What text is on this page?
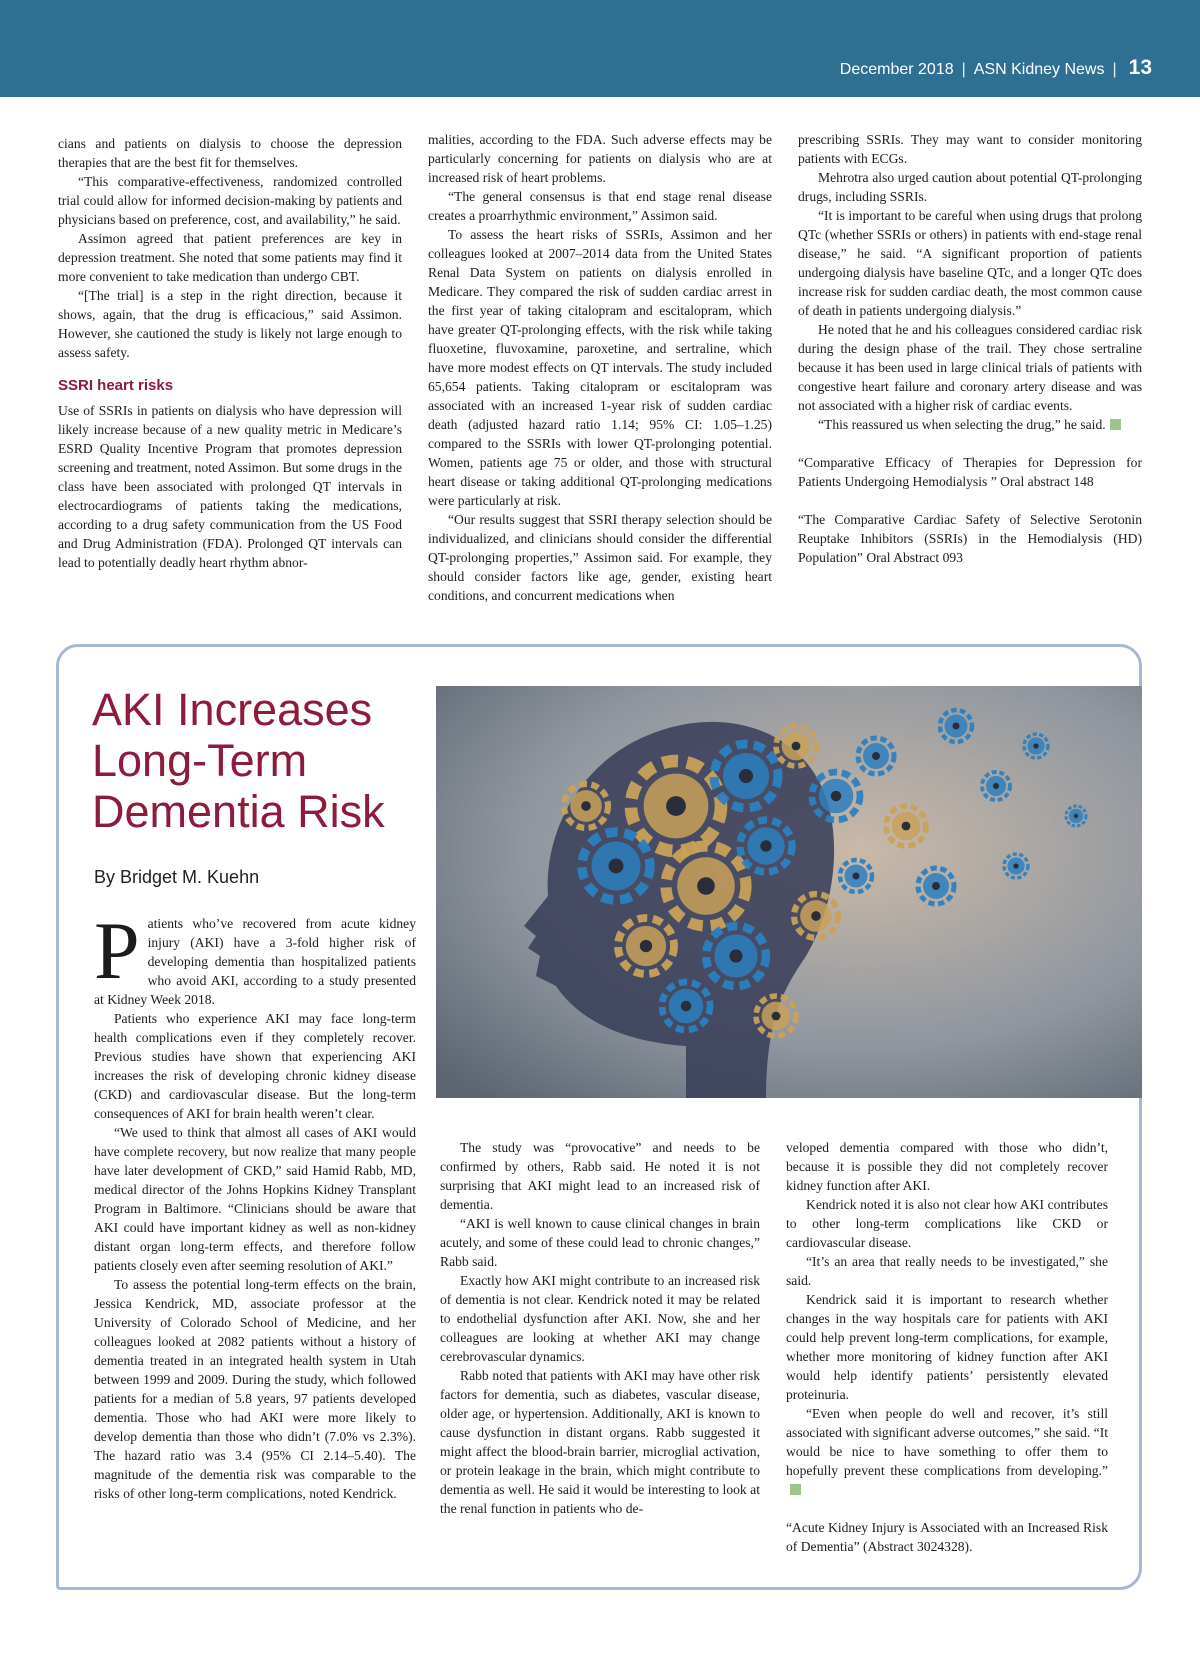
December 2018 | ASN Kidney News | 13

cians and patients on dialysis to choose the depression therapies that are the best fit for themselves.

“This comparative-effectiveness, randomized controlled trial could allow for informed decision-making by patients and physicians based on preference, cost, and availability,” he said.

Assimon agreed that patient preferences are key in depression treatment. She noted that some patients may find it more convenient to take medication than undergo CBT.

“[The trial] is a step in the right direction, because it shows, again, that the drug is efficacious,” said Assimon. However, she cautioned the study is likely not large enough to assess safety.

SSRI heart risks

Use of SSRIs in patients on dialysis who have depression will likely increase because of a new quality metric in Medicare’s ESRD Quality Incentive Program that promotes depression screening and treatment, noted Assimon. But some drugs in the class have been associated with prolonged QT intervals in electrocardiograms of patients taking the medications, according to a drug safety communication from the US Food and Drug Administration (FDA). Prolonged QT intervals can lead to potentially deadly heart rhythm abnor-

malities, according to the FDA. Such adverse effects may be particularly concerning for patients on dialysis who are at increased risk of heart problems.

“The general consensus is that end stage renal disease creates a proarrhythmic environment,” Assimon said.

To assess the heart risks of SSRIs, Assimon and her colleagues looked at 2007–2014 data from the United States Renal Data System on patients on dialysis enrolled in Medicare. They compared the risk of sudden cardiac arrest in the first year of taking citalopram and escitalopram, which have greater QT-prolonging effects, with the risk while taking fluoxetine, fluvoxamine, paroxetine, and sertraline, which have more modest effects on QT intervals. The study included 65,654 patients. Taking citalopram or escitalopram was associated with an increased 1-year risk of sudden cardiac death (adjusted hazard ratio 1.14; 95% CI: 1.05–1.25) compared to the SSRIs with lower QT-prolonging potential. Women, patients age 75 or older, and those with structural heart disease or taking additional QT-prolonging medications were particularly at risk.

“Our results suggest that SSRI therapy selection should be individualized, and clinicians should consider the differential QT-prolonging properties,” Assimon said. For example, they should consider factors like age, gender, existing heart conditions, and concurrent medications when

prescribing SSRIs. They may want to consider monitoring patients with ECGs.

Mehrotra also urged caution about potential QT-prolonging drugs, including SSRIs.

“It is important to be careful when using drugs that prolong QTc (whether SSRIs or others) in patients with end-stage renal disease,” he said. “A significant proportion of patients undergoing dialysis have baseline QTc, and a longer QTc does increase risk for sudden cardiac death, the most common cause of death in patients undergoing dialysis.”

He noted that he and his colleagues considered cardiac risk during the design phase of the trail. They chose sertraline because it has been used in large clinical trials of patients with congestive heart failure and coronary artery disease and was not associated with a higher risk of cardiac events.

“This reassured us when selecting the drug,” he said.

“Comparative Efficacy of Therapies for Depression for Patients Undergoing Hemodialysis ” Oral abstract 148

“The Comparative Cardiac Safety of Selective Serotonin Reuptake Inhibitors (SSRIs) in the Hemodialysis (HD) Population” Oral Abstract 093

AKI Increases Long-Term Dementia Risk
By Bridget M. Kuehn
P atients who’ve recovered from acute kidney injury (AKI) have a 3-fold higher risk of developing dementia than hospitalized patients who avoid AKI, according to a study presented at Kidney Week 2018.

Patients who experience AKI may face long-term health complications even if they completely recover. Previous studies have shown that experiencing AKI increases the risk of developing chronic kidney disease (CKD) and cardiovascular disease. But the long-term consequences of AKI for brain health weren’t clear.

“We used to think that almost all cases of AKI would have complete recovery, but now realize that many people have later development of CKD,” said Hamid Rabb, MD, medical director of the Johns Hopkins Kidney Transplant Program in Baltimore. “Clinicians should be aware that AKI could have important kidney as well as non-kidney distant organ long-term effects, and therefore follow patients closely even after seeming resolution of AKI.”

To assess the potential long-term effects on the brain, Jessica Kendrick, MD, associate professor at the University of Colorado School of Medicine, and her colleagues looked at 2082 patients without a history of dementia treated in an integrated health system in Utah between 1999 and 2009. During the study, which followed patients for a median of 5.8 years, 97 patients developed dementia. Those who had AKI were more likely to develop dementia than those who didn’t (7.0% vs 2.3%). The hazard ratio was 3.4 (95% CI 2.14–5.40). The magnitude of the dementia risk was comparable to the risks of other long-term complications, noted Kendrick.

The study was “provocative” and needs to be confirmed by others, Rabb said. He noted it is not surprising that AKI might lead to an increased risk of dementia.

“AKI is well known to cause clinical changes in brain acutely, and some of these could lead to chronic changes,” Rabb said.

Exactly how AKI might contribute to an increased risk of dementia is not clear. Kendrick noted it may be related to endothelial dysfunction after AKI. Now, she and her colleagues are looking at whether AKI may change cerebrovascular dynamics.

Rabb noted that patients with AKI may have other risk factors for dementia, such as diabetes, vascular disease, older age, or hypertension. Additionally, AKI is known to cause dysfunction in distant organs. Rabb suggested it might affect the blood-brain barrier, microglial activation, or protein leakage in the brain, which might contribute to dementia as well. He said it would be interesting to look at the renal function in patients who de-

veloped dementia compared with those who didn’t, because it is possible they did not completely recover kidney function after AKI.

Kendrick noted it is also not clear how AKI contributes to other long-term complications like CKD or cardiovascular disease.

“It’s an area that really needs to be investigated,” she said.

Kendrick said it is important to research whether changes in the way hospitals care for patients with AKI could help prevent long-term complications, for example, whether more monitoring of kidney function after AKI would help identify patients’ persistently elevated proteinuria.

“Even when people do well and recover, it’s still associated with significant adverse outcomes,” she said. “It would be nice to have something to offer them to hopefully prevent these complications from developing.”

“Acute Kidney Injury is Associated with an Increased Risk of Dementia” (Abstract 3024328).
